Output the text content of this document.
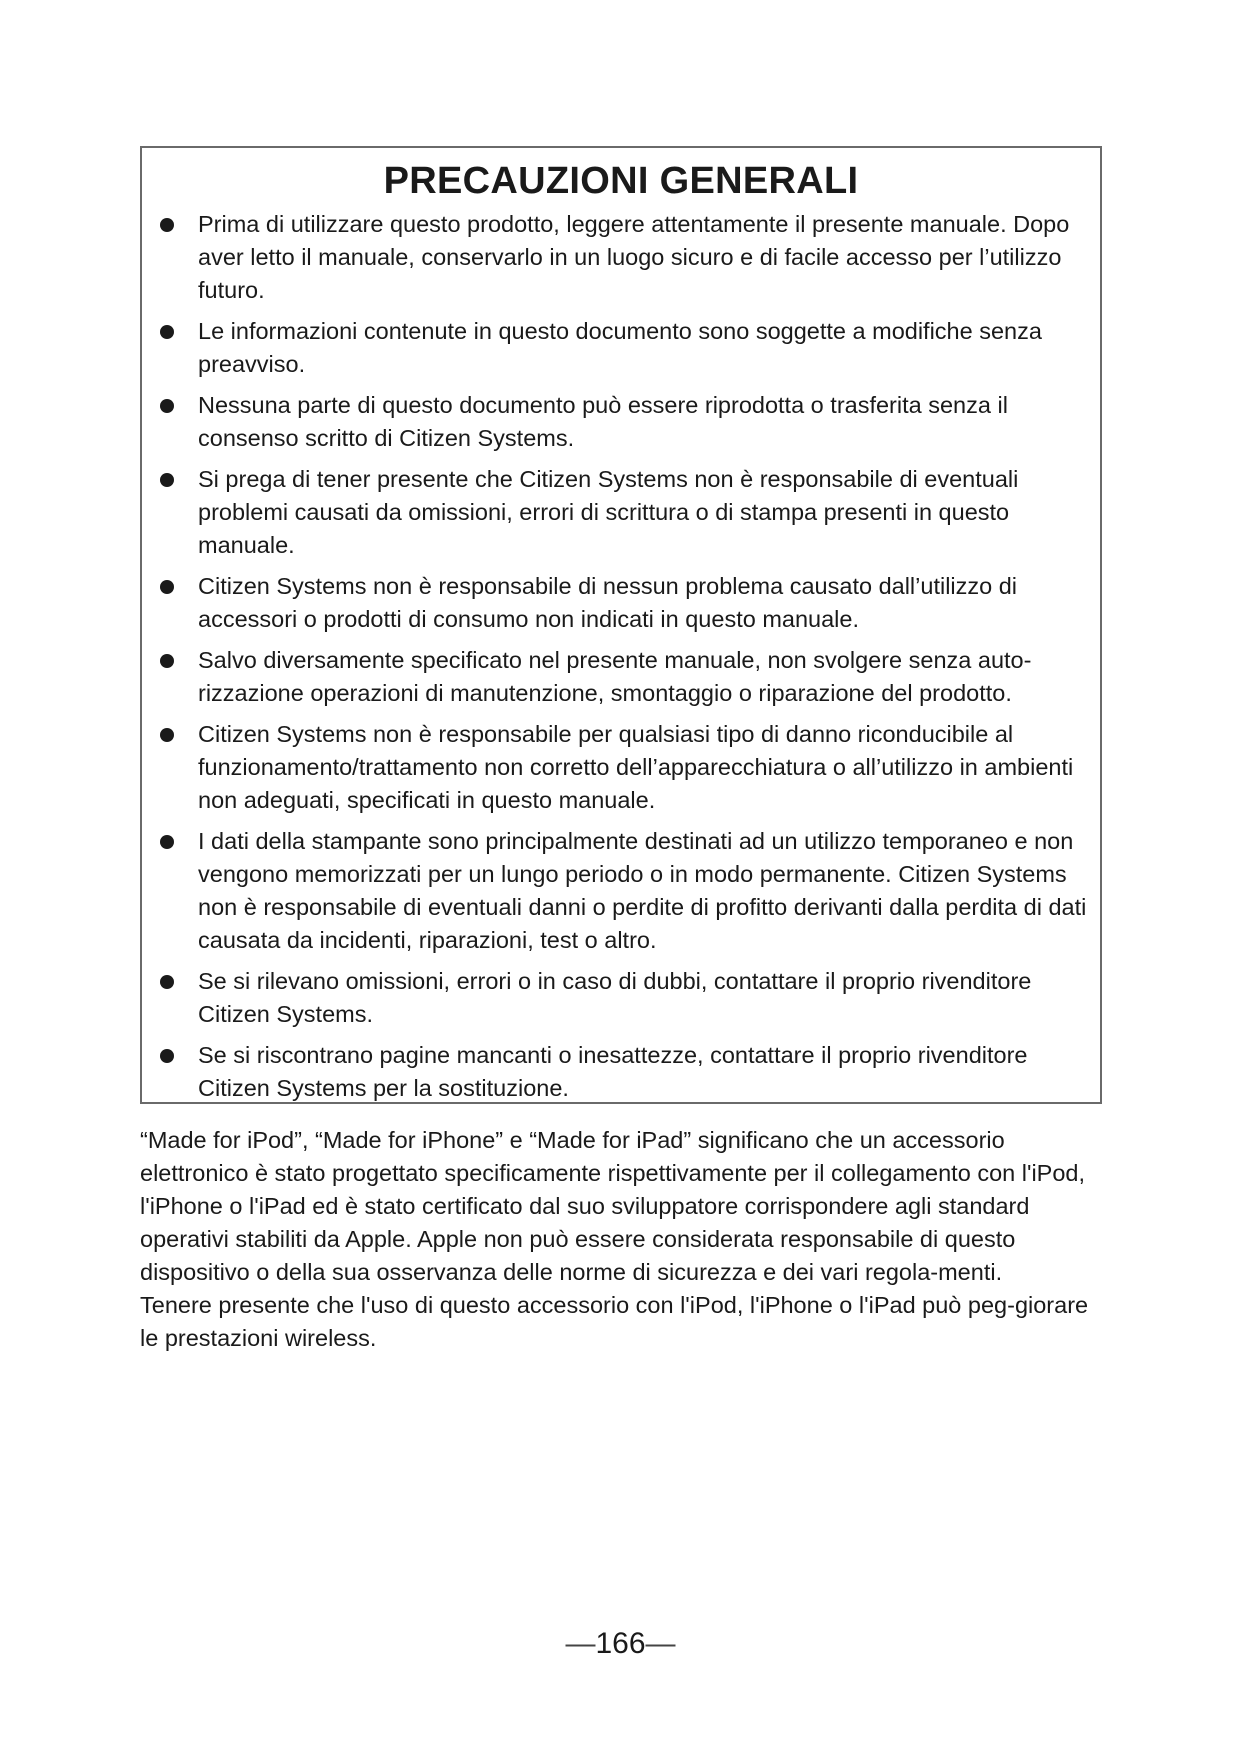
PRECAUZIONI GENERALI
Prima di utilizzare questo prodotto, leggere attentamente il presente manuale. Dopo aver letto il manuale, conservarlo in un luogo sicuro e di facile accesso per l’utilizzo futuro.
Le informazioni contenute in questo documento sono soggette a modifiche senza preavviso.
Nessuna parte di questo documento può essere riprodotta o trasferita senza il consenso scritto di Citizen Systems.
Si prega di tener presente che Citizen Systems non è responsabile di eventuali problemi causati da omissioni, errori di scrittura o di stampa presenti in questo manuale.
Citizen Systems non è responsabile di nessun problema causato dall’utilizzo di accessori o prodotti di consumo non indicati in questo manuale.
Salvo diversamente specificato nel presente manuale, non svolgere senza auto-rizzazione operazioni di manutenzione, smontaggio o riparazione del prodotto.
Citizen Systems non è responsabile per qualsiasi tipo di danno riconducibile al funzionamento/trattamento non corretto dell’apparecchiatura o all’utilizzo in ambienti non adeguati, specificati in questo manuale.
I dati della stampante sono principalmente destinati ad un utilizzo temporaneo e non vengono memorizzati per un lungo periodo o in modo permanente. Citizen Systems non è responsabile di eventuali danni o perdite di profitto derivanti dalla perdita di dati causata da incidenti, riparazioni, test o altro.
Se si rilevano omissioni, errori o in caso di dubbi, contattare il proprio rivenditore Citizen Systems.
Se si riscontrano pagine mancanti o inesattezze, contattare il proprio rivenditore Citizen Systems per la sostituzione.

“Made for iPod”, “Made for iPhone” e “Made for iPad” significano che un accessorio elettronico è stato progettato specificamente rispettivamente per il collegamento con l'iPod, l'iPhone o l'iPad ed è stato certificato dal suo sviluppatore corrispondere agli standard operativi stabiliti da Apple. Apple non può essere considerata responsabile di questo dispositivo o della sua osservanza delle norme di sicurezza e dei vari regola-menti.

Tenere presente che l'uso di questo accessorio con l'iPod, l'iPhone o l'iPad può peg-giorare le prestazioni wireless.

—166—
